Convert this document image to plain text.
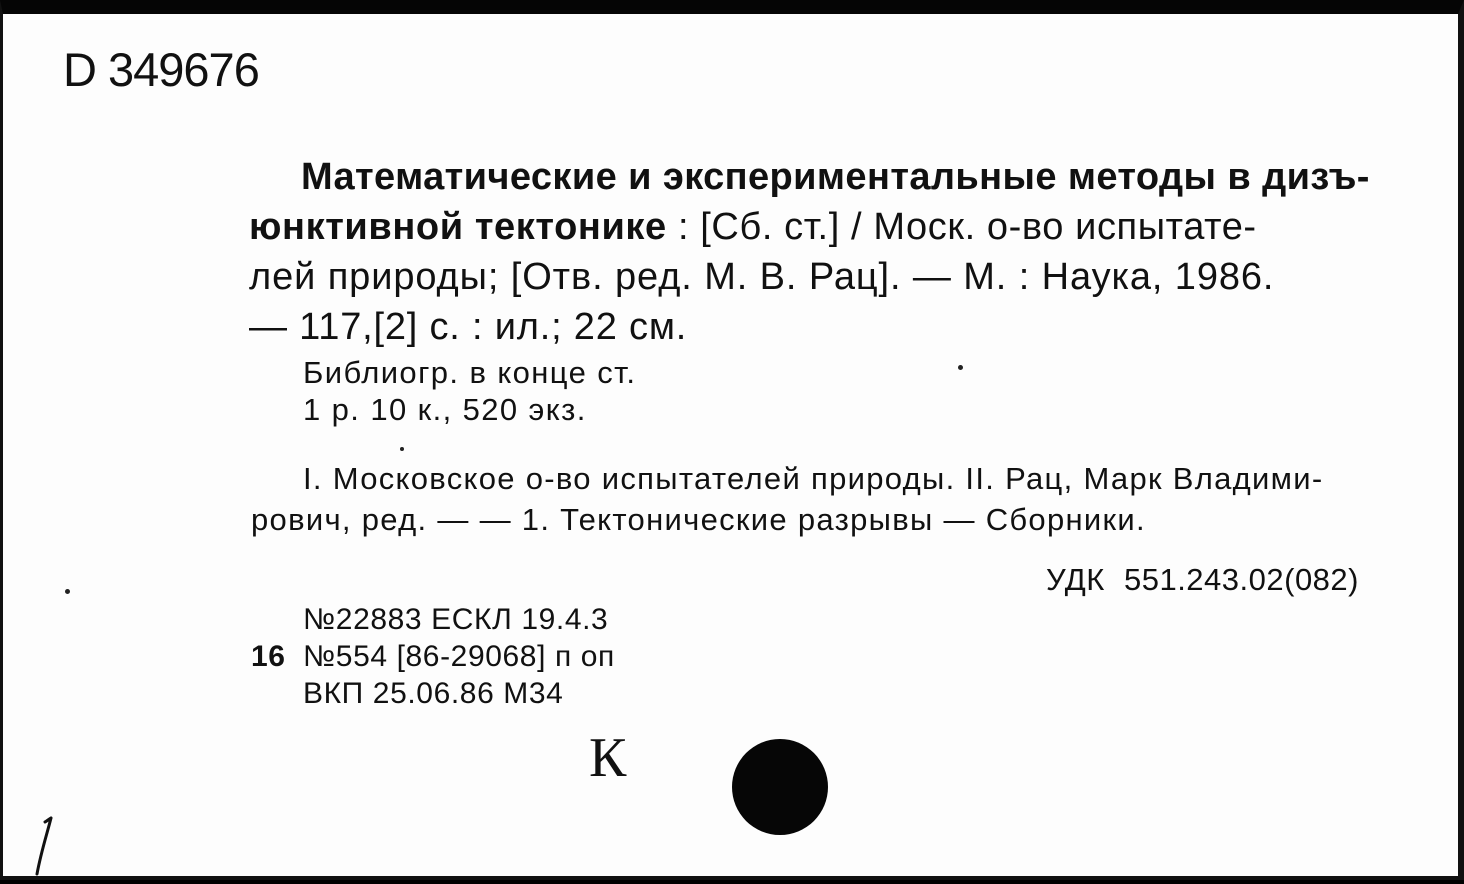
D 349676
Математические и экспериментальные методы в дизъ-
юнктивной тектонике : [Сб. ст.] / Моск. о-во испытате-
лей природы; [Отв. ред. М. В. Рац]. — М. : Наука, 1986.
— 117,[2] с. : ил.; 22 см.
Библиогр. в конце ст.
1 р. 10 к., 520 экз.
I. Московское о-во испытателей природы. II. Рац, Марк Владими-
рович, ред. — — 1. Тектонические разрывы — Сборники.
УДК 551.243.02(082)
№22883 ЕСКЛ 19.4.3
16 №554 [86-29068] п оп
ВКП 25.06.86 М34
К
